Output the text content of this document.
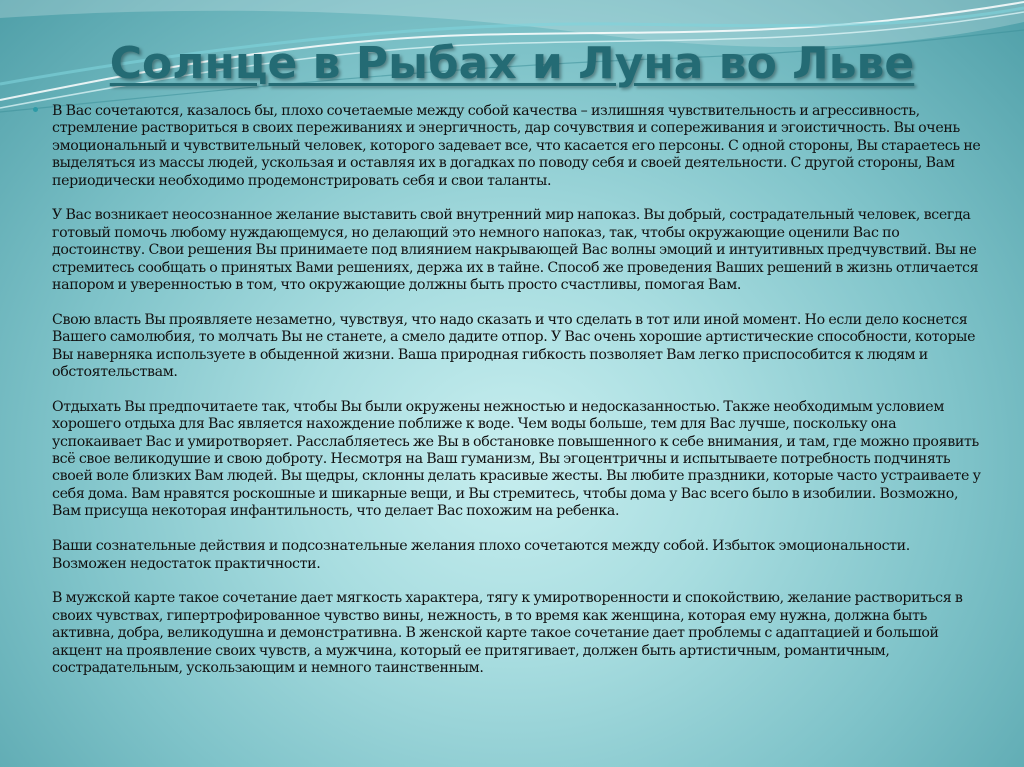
Солнце в Рыбах и Луна во Льве

В Вас сочетаются, казалось бы, плохо сочетаемые между собой качества – излишняя чувствительность и агрессивность, стремление раствориться в своих переживаниях и энергичность, дар сочувствия и сопереживания и эгоистичность. Вы очень эмоциональный и чувствительный человек, которого задевает все, что касается его персоны. С одной стороны, Вы стараетесь не выделяться из массы людей, ускользая и оставляя их в догадках по поводу себя и своей деятельности. С другой стороны, Вам периодически необходимо продемонстрировать себя и свои таланты.

У Вас возникает неосознанное желание выставить свой внутренний мир напоказ. Вы добрый, сострадательный человек, всегда готовый помочь любому нуждающемуся, но делающий это немного напоказ, так, чтобы окружающие оценили Вас по достоинству. Свои решения Вы принимаете под влиянием накрывающей Вас волны эмоций и интуитивных предчувствий. Вы не стремитесь сообщать о принятых Вами решениях, держа их в тайне. Способ же проведения Ваших решений в жизнь отличается напором и уверенностью в том, что окружающие должны быть просто счастливы, помогая Вам.

Свою власть Вы проявляете незаметно, чувствуя, что надо сказать и что сделать в тот или иной момент. Но если дело коснется Вашего самолюбия, то молчать Вы не станете, а смело дадите отпор. У Вас очень хорошие артистические способности, которые Вы наверняка используете в обыденной жизни. Ваша природная гибкость позволяет Вам легко приспособится к людям и обстоятельствам.

Отдыхать Вы предпочитаете так, чтобы Вы были окружены нежностью и недосказанностью. Также необходимым условием хорошего отдыха для Вас является нахождение поближе к воде. Чем воды больше, тем для Вас лучше, поскольку она успокаивает Вас и умиротворяет. Расслабляетесь же Вы в обстановке повышенного к себе внимания, и там, где можно проявить всё свое великодушие и свою доброту. Несмотря на Ваш гуманизм, Вы эгоцентричны и испытываете потребность подчинять своей воле близких Вам людей. Вы щедры, склонны делать красивые жесты. Вы любите праздники, которые часто устраиваете у себя дома. Вам нравятся роскошные и шикарные вещи, и Вы стремитесь, чтобы дома у Вас всего было в изобилии. Возможно, Вам присуща некоторая инфантильность, что делает Вас похожим на ребенка.

Ваши сознательные действия и подсознательные желания плохо сочетаются между собой. Избыток эмоциональности. Возможен недостаток практичности.

В мужской карте такое сочетание дает мягкость характера, тягу к умиротворенности и спокойствию, желание раствориться в своих чувствах, гипертрофированное чувство вины, нежность, в то время как женщина, которая ему нужна, должна быть активна, добра, великодушна и демонстративна. В женской карте такое сочетание дает проблемы с адаптацией и большой акцент на проявление своих чувств, а мужчина, который ее притягивает, должен быть артистичным, романтичным, сострадательным, ускользающим и немного таинственным.
